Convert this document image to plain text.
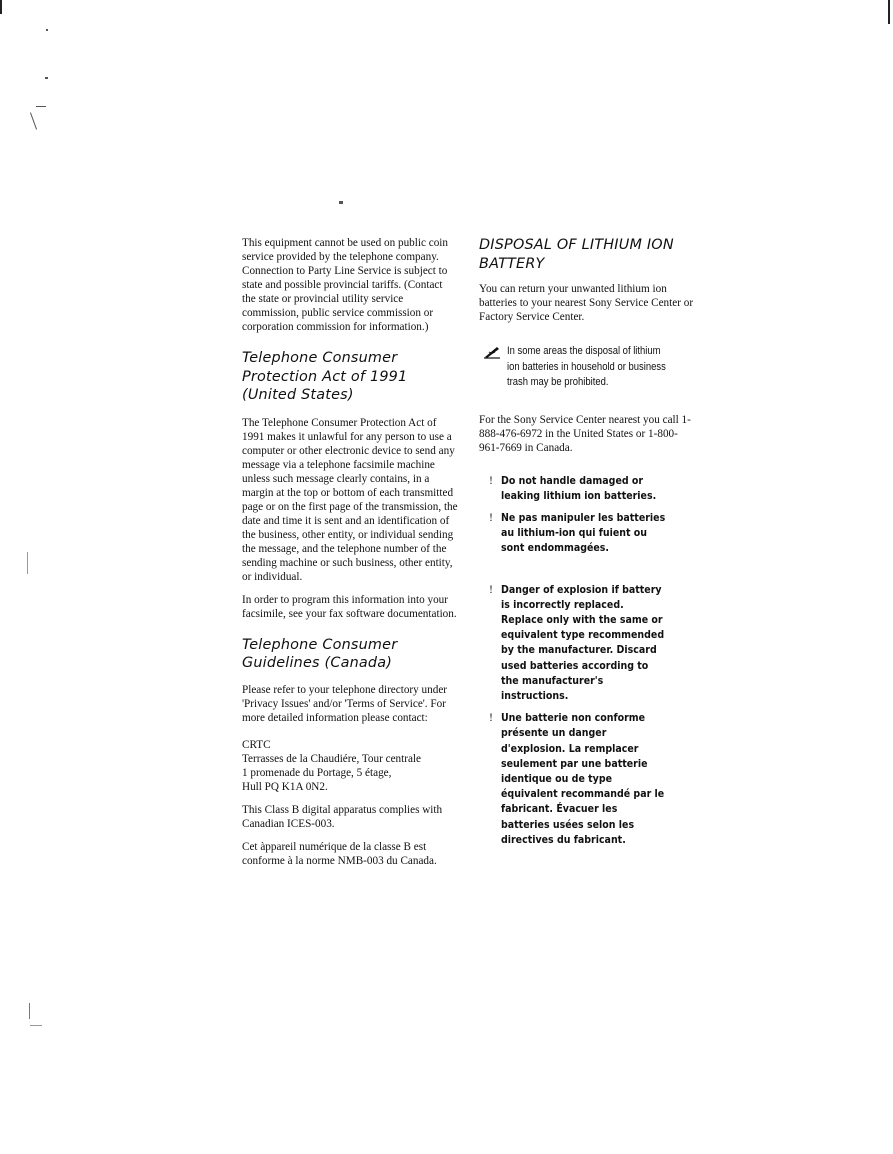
This equipment cannot be used on public coin service provided by the telephone company. Connection to Party Line Service is subject to state and possible provincial tariffs. (Contact the state or provincial utility service commission, public service commission or corporation commission for information.)

Telephone Consumer Protection Act of 1991 (United States)

The Telephone Consumer Protection Act of 1991 makes it unlawful for any person to use a computer or other electronic device to send any message via a telephone facsimile machine unless such message clearly contains, in a margin at the top or bottom of each transmitted page or on the first page of the transmission, the date and time it is sent and an identification of the business, other entity, or individual sending the message, and the telephone number of the sending machine or such business, other entity, or individual.

In order to program this information into your facsimile, see your fax software documentation.

Telephone Consumer Guidelines (Canada)

Please refer to your telephone directory under 'Privacy Issues' and/or 'Terms of Service'. For more detailed information please contact:

CRTC

Terrasses de la Chaudiére, Tour centrale

1 promenade du Portage, 5 étage,

Hull PQ K1A 0N2.

This Class B digital apparatus complies with Canadian ICES-003.

Cet àppareil numérique de la classe B est conforme à la norme NMB-003 du Canada.

DISPOSAL OF LITHIUM ION BATTERY

You can return your unwanted lithium ion batteries to your nearest Sony Service Center or Factory Service Center.

In some areas the disposal of lithium ion batteries in household or business trash may be prohibited.

For the Sony Service Center nearest you call 1-888-476-6972 in the United States or 1-800-961-7669 in Canada.

! Do not handle damaged or leaking lithium ion batteries.
! Ne pas manipuler les batteries au lithium-ion qui fuient ou sont endommagées.
! Danger of explosion if battery is incorrectly replaced. Replace only with the same or equivalent type recommended by the manufacturer. Discard used batteries according to the manufacturer's instructions.
! Une batterie non conforme présente un danger d'explosion. La remplacer seulement par une batterie identique ou de type équivalent recommandé par le fabricant. Évacuer les batteries usées selon les directives du fabricant.
